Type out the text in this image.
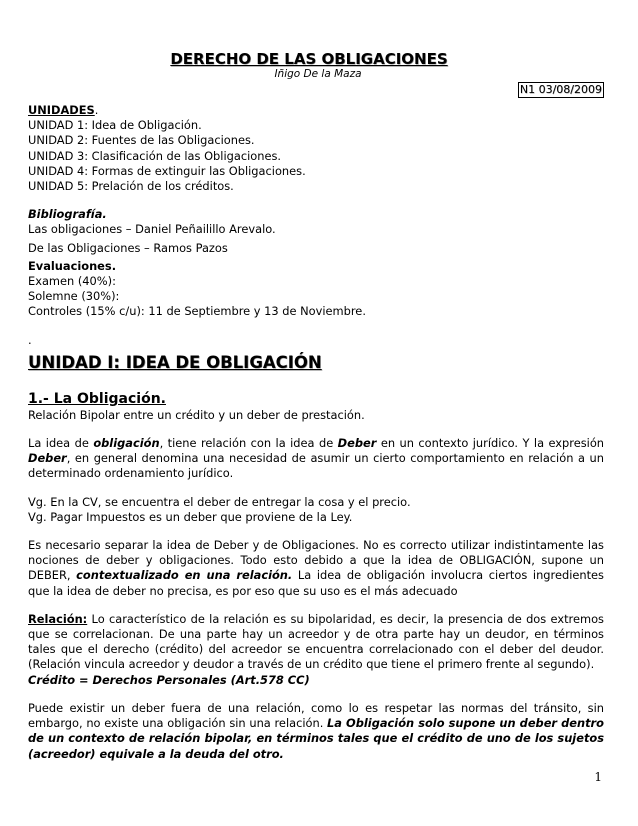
DERECHO DE LAS OBLIGACIONES
Iñigo De la Maza
N1 03/08/2009

UNIDADES.

UNIDAD 1: Idea de Obligación.

UNIDAD 2: Fuentes de las Obligaciones.

UNIDAD 3: Clasificación de las Obligaciones.

UNIDAD 4: Formas de extinguir las Obligaciones.

UNIDAD 5: Prelación de los créditos.

Bibliografía.

Las obligaciones – Daniel Peñailillo Arevalo.

De las Obligaciones – Ramos Pazos

Evaluaciones.

Examen (40%):

Solemne (30%):

Controles (15% c/u): 11 de Septiembre y 13 de Noviembre.

.

UNIDAD I: IDEA DE OBLIGACIÓN

1.- La Obligación.

Relación Bipolar entre un crédito y un deber de prestación.

La idea de obligación, tiene relación con la idea de Deber en un contexto jurídico. Y la expresión Deber, en general denomina una necesidad de asumir un cierto comportamiento en relación a un determinado ordenamiento jurídico.

Vg. En la CV, se encuentra el deber de entregar la cosa y el precio.

Vg. Pagar Impuestos es un deber que proviene de la Ley.

Es necesario separar la idea de Deber y de Obligaciones. No es correcto utilizar indistintamente las nociones de deber y obligaciones. Todo esto debido a que la idea de OBLIGACIÓN, supone un DEBER, contextualizado en una relación. La idea de obligación involucra ciertos ingredientes que la idea de deber no precisa, es por eso que su uso es el más adecuado

Relación: Lo característico de la relación es su bipolaridad, es decir, la presencia de dos extremos que se correlacionan. De una parte hay un acreedor y de otra parte hay un deudor, en términos tales que el derecho (crédito) del acreedor se encuentra correlacionado con el deber del deudor. (Relación vincula acreedor y deudor a través de un crédito que tiene el primero frente al segundo).

Crédito = Derechos Personales (Art.578 CC)

Puede existir un deber fuera de una relación, como lo es respetar las normas del tránsito, sin embargo, no existe una obligación sin una relación. La Obligación solo supone un deber dentro de un contexto de relación bipolar, en términos tales que el crédito de uno de los sujetos (acreedor) equivale a la deuda del otro.

1
